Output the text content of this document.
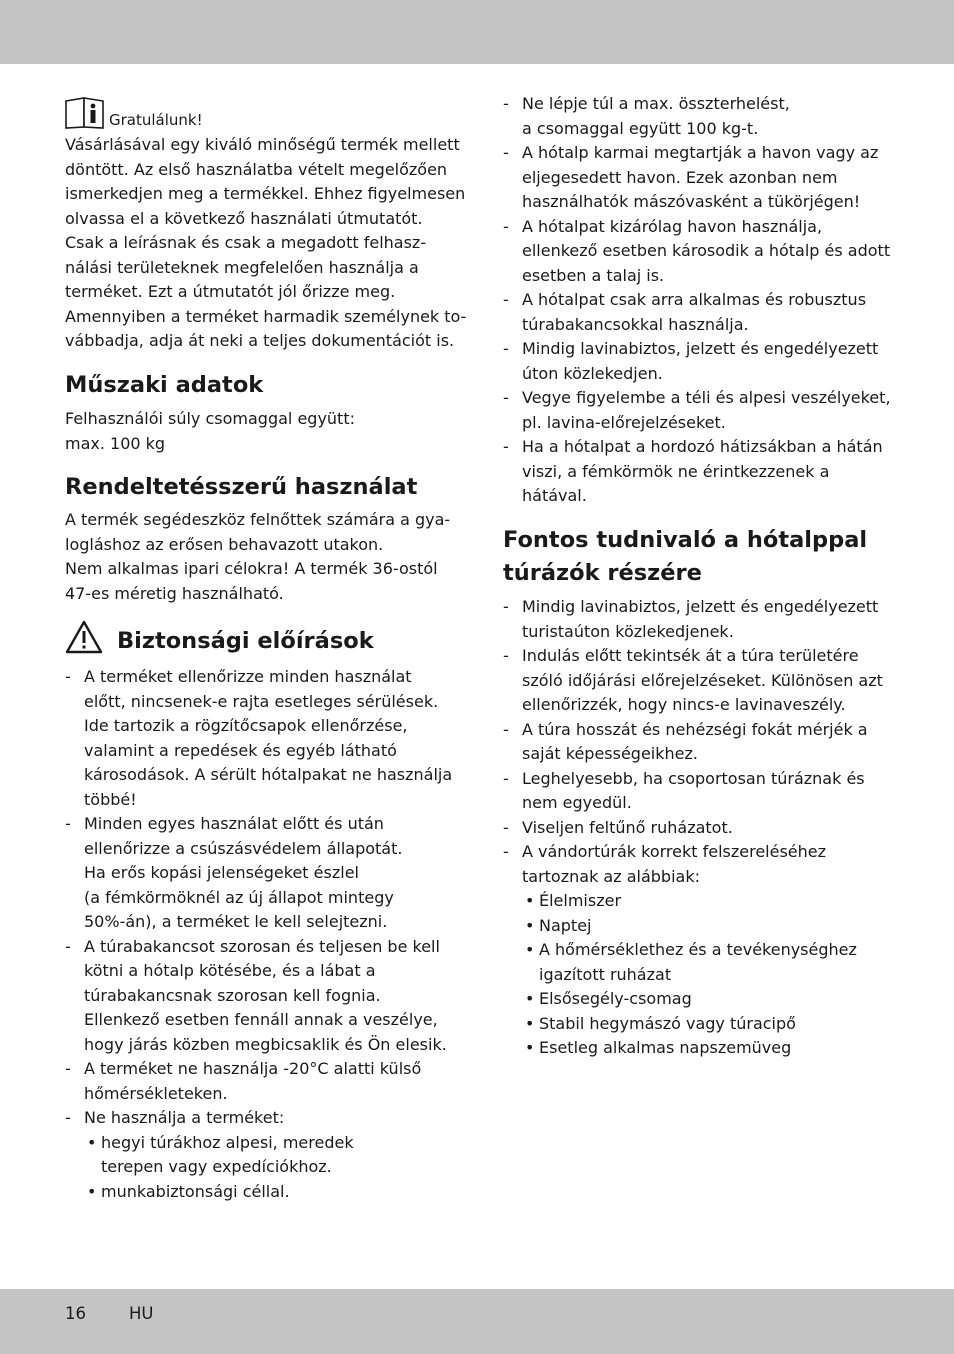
Gratulálunk!

Vásárlásával egy kiváló minőségű termék mellett

döntött. Az első használatba vételt megelőzően

ismerkedjen meg a termékkel. Ehhez figyelmesen

olvassa el a következő használati útmutatót.

Csak a leírásnak és csak a megadott felhasz-

nálási területeknek megfelelően használja a

terméket. Ezt a útmutatót jól őrizze meg.

Amennyiben a terméket harmadik személynek to-

vábbadja, adja át neki a teljes dokumentációt is.

Műszaki adatok

Felhasználói súly csomaggal együtt:

max. 100 kg

Rendeltetésszerű használat

A termék segédeszköz felnőttek számára a gya-

logláshoz az erősen behavazott utakon.

Nem alkalmas ipari célokra! A termék 36-ostól

47-es méretig használható.

Biztonsági előírások
- A terméket ellenőrizze minden használat

előtt, nincsenek-e rajta esetleges sérülések.

Ide tartozik a rögzítőcsapok ellenőrzése,

valamint a repedések és egyéb látható

károsodások. A sérült hótalpakat ne használja

többé!

- Minden egyes használat előtt és után

ellenőrizze a csúszásvédelem állapotát.

Ha erős kopási jelenségeket észlel

(a fémkörmöknél az új állapot mintegy

50%-án), a terméket le kell selejtezni.

- A túrabakancsot szorosan és teljesen be kell

kötni a hótalp kötésébe, és a lábat a

túrabakancsnak szorosan kell fognia.

Ellenkező esetben fennáll annak a veszélye,

hogy járás közben megbicsaklik és Ön elesik.

- A terméket ne használja -20°C alatti külső

hőmérsékleteken.

- Ne használja a terméket:

• hegyi túrákhoz alpesi, meredek

terepen vagy expedíciókhoz.

• munkabiztonsági céllal.

- Ne lépje túl a max. összterhelést,

a csomaggal együtt 100 kg-t.

- A hótalp karmai megtartják a havon vagy az

eljegesedett havon. Ezek azonban nem

használhatók mászóvasként a tükörjégen!

- A hótalpat kizárólag havon használja,

ellenkező esetben károsodik a hótalp és adott

esetben a talaj is.

- A hótalpat csak arra alkalmas és robusztus

túrabakancsokkal használja.

- Mindig lavinabiztos, jelzett és engedélyezett

úton közlekedjen.

- Vegye figyelembe a téli és alpesi veszélyeket,

pl. lavina-előrejelzéseket.

- Ha a hótalpat a hordozó hátizsákban a hátán

viszi, a fémkörmök ne érintkezzenek a

hátával.

Fontos tudnivaló a hótalppal
túrázók részére
- Mindig lavinabiztos, jelzett és engedélyezett

turistaúton közlekedjenek.

- Indulás előtt tekintsék át a túra területére

szóló időjárási előrejelzéseket. Különösen azt

ellenőrizzék, hogy nincs-e lavinaveszély.

- A túra hosszát és nehézségi fokát mérjék a

saját képességeikhez.

- Leghelyesebb, ha csoportosan túráznak és

nem egyedül.

- Viseljen feltűnő ruházatot.

- A vándortúrák korrekt felszereléséhez

tartoznak az alábbiak:

• Élelmiszer

• Naptej

• A hőmérséklethez és a tevékenységhez

igazított ruházat

• Elsősegély-csomag

• Stabil hegymászó vagy túracipő

• Esetleg alkalmas napszemüveg

16	HU
